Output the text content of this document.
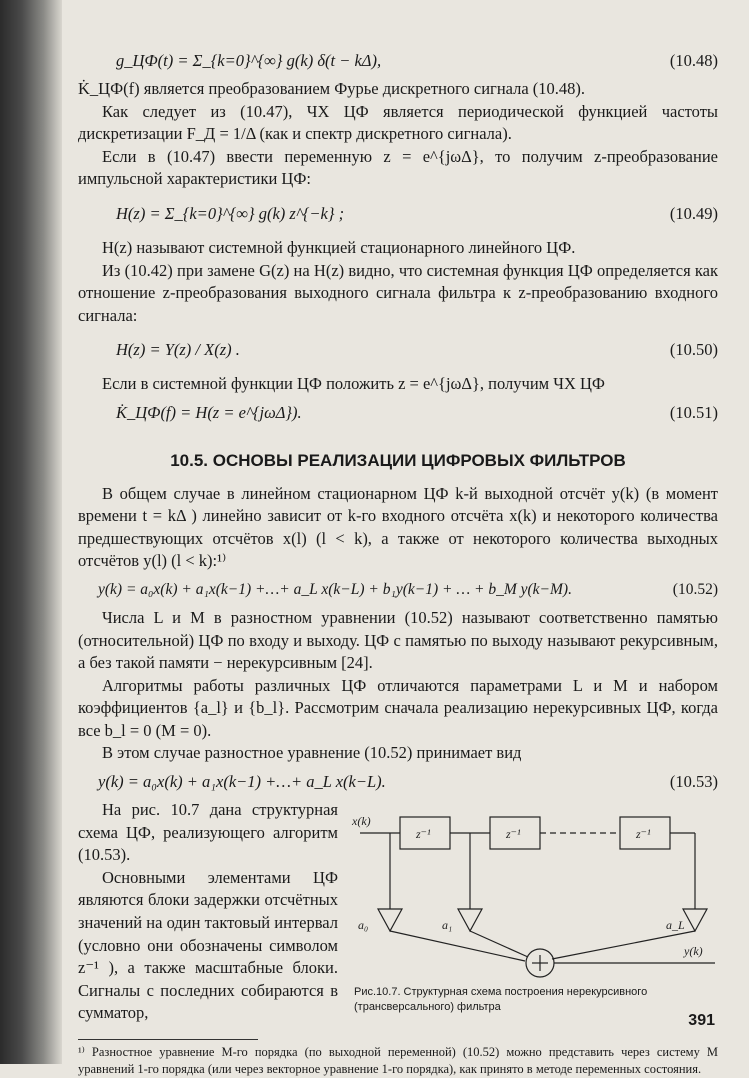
g_ЦФ(t) = Σ_{k=0}^{∞} g(k) δ(t − kΔ),	(10.48)

K̇_ЦФ(f) является преобразованием Фурье дискретного сигнала (10.48).

Как следует из (10.47), ЧХ ЦФ является периодической функцией частоты дискретизации F_Д = 1/Δ (как и спектр дискретного сигнала).

Если в (10.47) ввести переменную z = e^{jωΔ}, то получим z-преобразование импульсной характеристики ЦФ:

H(z) = Σ_{k=0}^{∞} g(k) z^{−k} ;	(10.49)

H(z) называют системной функцией стационарного линейного ЦФ.

Из (10.42) при замене G(z) на H(z) видно, что системная функция ЦФ определяется как отношение z-преобразования выходного сигнала фильтра к z-преобразованию входного сигнала:

H(z) = Y(z) / X(z) .	(10.50)

Если в системной функции ЦФ положить z = e^{jωΔ}, получим ЧХ ЦФ

K̇_ЦФ(f) = H(z = e^{jωΔ}).	(10.51)
10.5. ОСНОВЫ РЕАЛИЗАЦИИ ЦИФРОВЫХ ФИЛЬТРОВ

В общем случае в линейном стационарном ЦФ k-й выходной отсчёт y(k) (в момент времени t = kΔ ) линейно зависит от k-го входного отсчёта x(k) и некоторого количества предшествующих отсчётов x(l) (l < k), а также от некоторого количества выходных отсчётов y(l) (l < k):¹⁾

y(k) = a₀x(k) + a₁x(k−1) +…+ a_L x(k−L) + b₁y(k−1) + … + b_M y(k−M).	(10.52)

Числа L и M в разностном уравнении (10.52) называют соответственно памятью (относительной) ЦФ по входу и выходу. ЦФ с памятью по выходу называют рекурсивным, а без такой памяти − нерекурсивным [24].

Алгоритмы работы различных ЦФ отличаются параметрами L и M и набором коэффициентов {a_l} и {b_l}. Рассмотрим сначала реализацию нерекурсивных ЦФ, когда все b_l = 0 (M = 0).

В этом случае разностное уравнение (10.52) принимает вид

y(k) = a₀x(k) + a₁x(k−1) +…+ a_L x(k−L).	(10.53)

На рис. 10.7 дана структурная схема ЦФ, реализующего алгоритм (10.53).

Основными элементами ЦФ являются блоки задержки отсчётных значений на один тактовый интервал (условно они обозначены символом z⁻¹ ), а также масштабные блоки. Сигналы с последних собираются в сумматор,

x(k)
z⁻¹	z⁻¹	z⁻¹
a₀	a₁	a_L
y(k)
Рис.10.7. Структурная схема построения нерекурсивного (трансверсального) фильтра

¹⁾ Разностное уравнение M-го порядка (по выходной переменной) (10.52) можно представить через систему M уравнений 1-го порядка (или через векторное уравнение 1-го порядка), как принято в методе переменных состояния.

391
